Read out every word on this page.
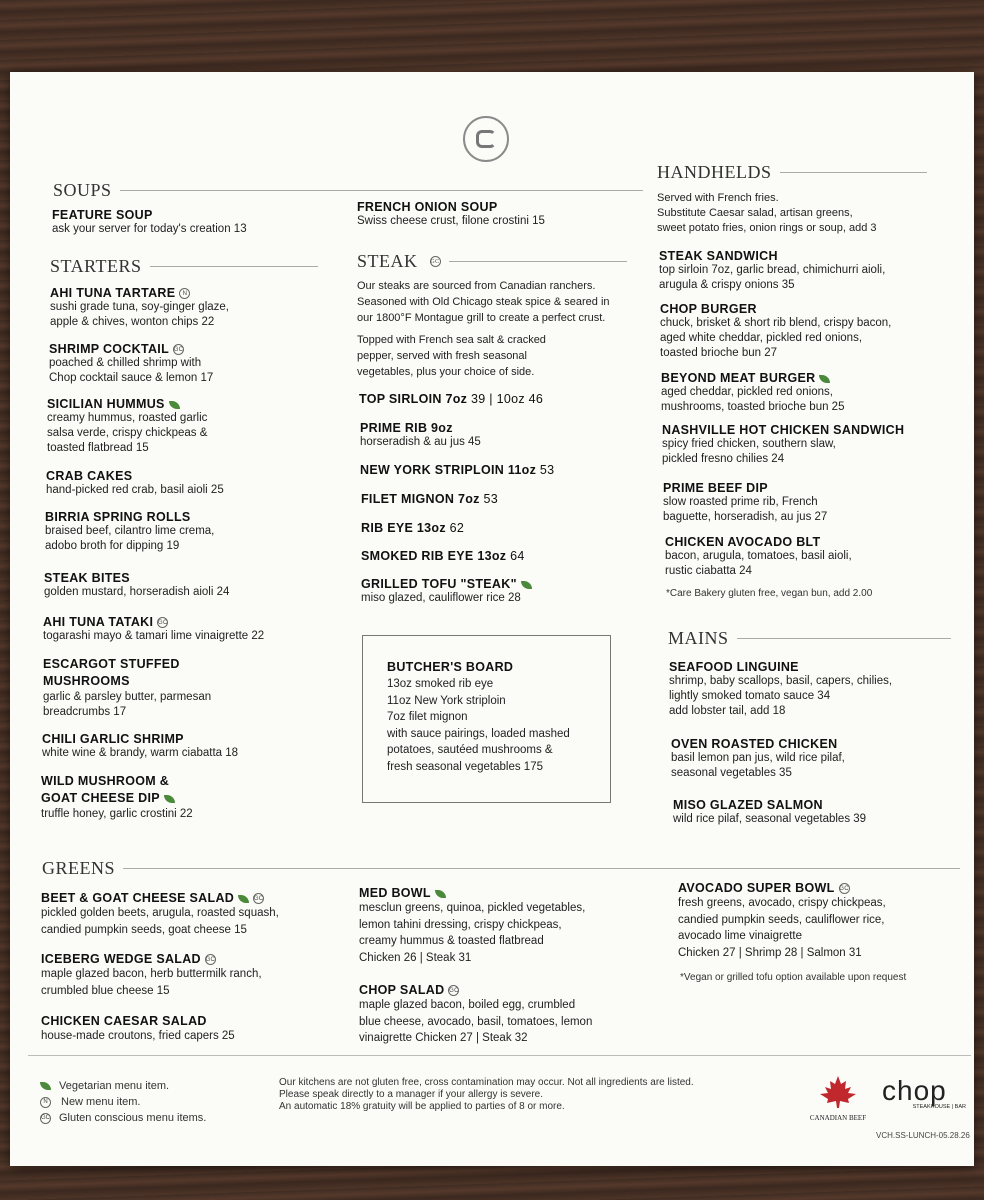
SOUPS
FEATURE SOUP
ask your server for today's creation 13
STARTERS
AHI TUNA TARTARE N
sushi grade tuna, soy-ginger glaze,
apple & chives, wonton chips 22
SHRIMP COCKTAIL GC
poached & chilled shrimp with
Chop cocktail sauce & lemon 17
SICILIAN HUMMUS
creamy hummus, roasted garlic
salsa verde, crispy chickpeas &
toasted flatbread 15
CRAB CAKES
hand-picked red crab, basil aioli 25
BIRRIA SPRING ROLLS
braised beef, cilantro lime crema,
adobo broth for dipping 19
STEAK BITES
golden mustard, horseradish aioli 24
AHI TUNA TATAKI GC
togarashi mayo & tamari lime vinaigrette 22
ESCARGOT STUFFED
MUSHROOMS
garlic & parsley butter, parmesan
breadcrumbs 17
CHILI GARLIC SHRIMP
white wine & brandy, warm ciabatta 18
WILD MUSHROOM &
GOAT CHEESE DIP
truffle honey, garlic crostini 22
FRENCH ONION SOUP
Swiss cheese crust, filone crostini 15
STEAK GC
Our steaks are sourced from Canadian ranchers.
Seasoned with Old Chicago steak spice & seared in
our 1800°F Montague grill to create a perfect crust.
Topped with French sea salt & cracked
pepper, served with fresh seasonal
vegetables, plus your choice of side.
TOP SIRLOIN 7oz 39 | 10oz 46
PRIME RIB 9oz
horseradish & au jus 45
NEW YORK STRIPLOIN 11oz 53
FILET MIGNON 7oz 53
RIB EYE 13oz 62
SMOKED RIB EYE 13oz 64
GRILLED TOFU "STEAK"
miso glazed, cauliflower rice 28
BUTCHER'S BOARD
13oz smoked rib eye
11oz New York striploin
7oz filet mignon
with sauce pairings, loaded mashed
potatoes, sautéed mushrooms &
fresh seasonal vegetables 175
HANDHELDS
Served with French fries.
Substitute Caesar salad, artisan greens,
sweet potato fries, onion rings or soup, add 3
STEAK SANDWICH
top sirloin 7oz, garlic bread, chimichurri aioli,
arugula & crispy onions 35
CHOP BURGER
chuck, brisket & short rib blend, crispy bacon,
aged white cheddar, pickled red onions,
toasted brioche bun 27
BEYOND MEAT BURGER
aged cheddar, pickled red onions,
mushrooms, toasted brioche bun 25
NASHVILLE HOT CHICKEN SANDWICH
spicy fried chicken, southern slaw,
pickled fresno chilies 24
PRIME BEEF DIP
slow roasted prime rib, French
baguette, horseradish, au jus 27
CHICKEN AVOCADO BLT
bacon, arugula, tomatoes, basil aioli,
rustic ciabatta 24
*Care Bakery gluten free, vegan bun, add 2.00
MAINS
SEAFOOD LINGUINE
shrimp, baby scallops, basil, capers, chilies,
lightly smoked tomato sauce 34
add lobster tail, add 18
OVEN ROASTED CHICKEN
basil lemon pan jus, wild rice pilaf,
seasonal vegetables 35
MISO GLAZED SALMON
wild rice pilaf, seasonal vegetables 39
GREENS
BEET & GOAT CHEESE SALAD	GC
pickled golden beets, arugula, roasted squash,
candied pumpkin seeds, goat cheese 15
ICEBERG WEDGE SALAD GC
maple glazed bacon, herb buttermilk ranch,
crumbled blue cheese 15
CHICKEN CAESAR SALAD
house-made croutons, fried capers 25
MED BOWL
mesclun greens, quinoa, pickled vegetables,
lemon tahini dressing, crispy chickpeas,
creamy hummus & toasted flatbread
Chicken 26 | Steak 31
CHOP SALAD GC
maple glazed bacon, boiled egg, crumbled
blue cheese, avocado, basil, tomatoes, lemon
vinaigrette Chicken 27 | Steak 32
AVOCADO SUPER BOWL GC
fresh greens, avocado, crispy chickpeas,
candied pumpkin seeds, cauliflower rice,
avocado lime vinaigrette
Chicken 27 | Shrimp 28 | Salmon 31
*Vegan or grilled tofu option available upon request
Vegetarian menu item.
N New menu item.
GC Gluten conscious menu items.
Our kitchens are not gluten free, cross contamination may occur. Not all ingredients are listed.
Please speak directly to a manager if your allergy is severe.
An automatic 18% gratuity will be applied to parties of 8 or more.
CANADIAN BEEF
chop
STEAKHOUSE | BAR
VCH.SS-LUNCH-05.28.26
